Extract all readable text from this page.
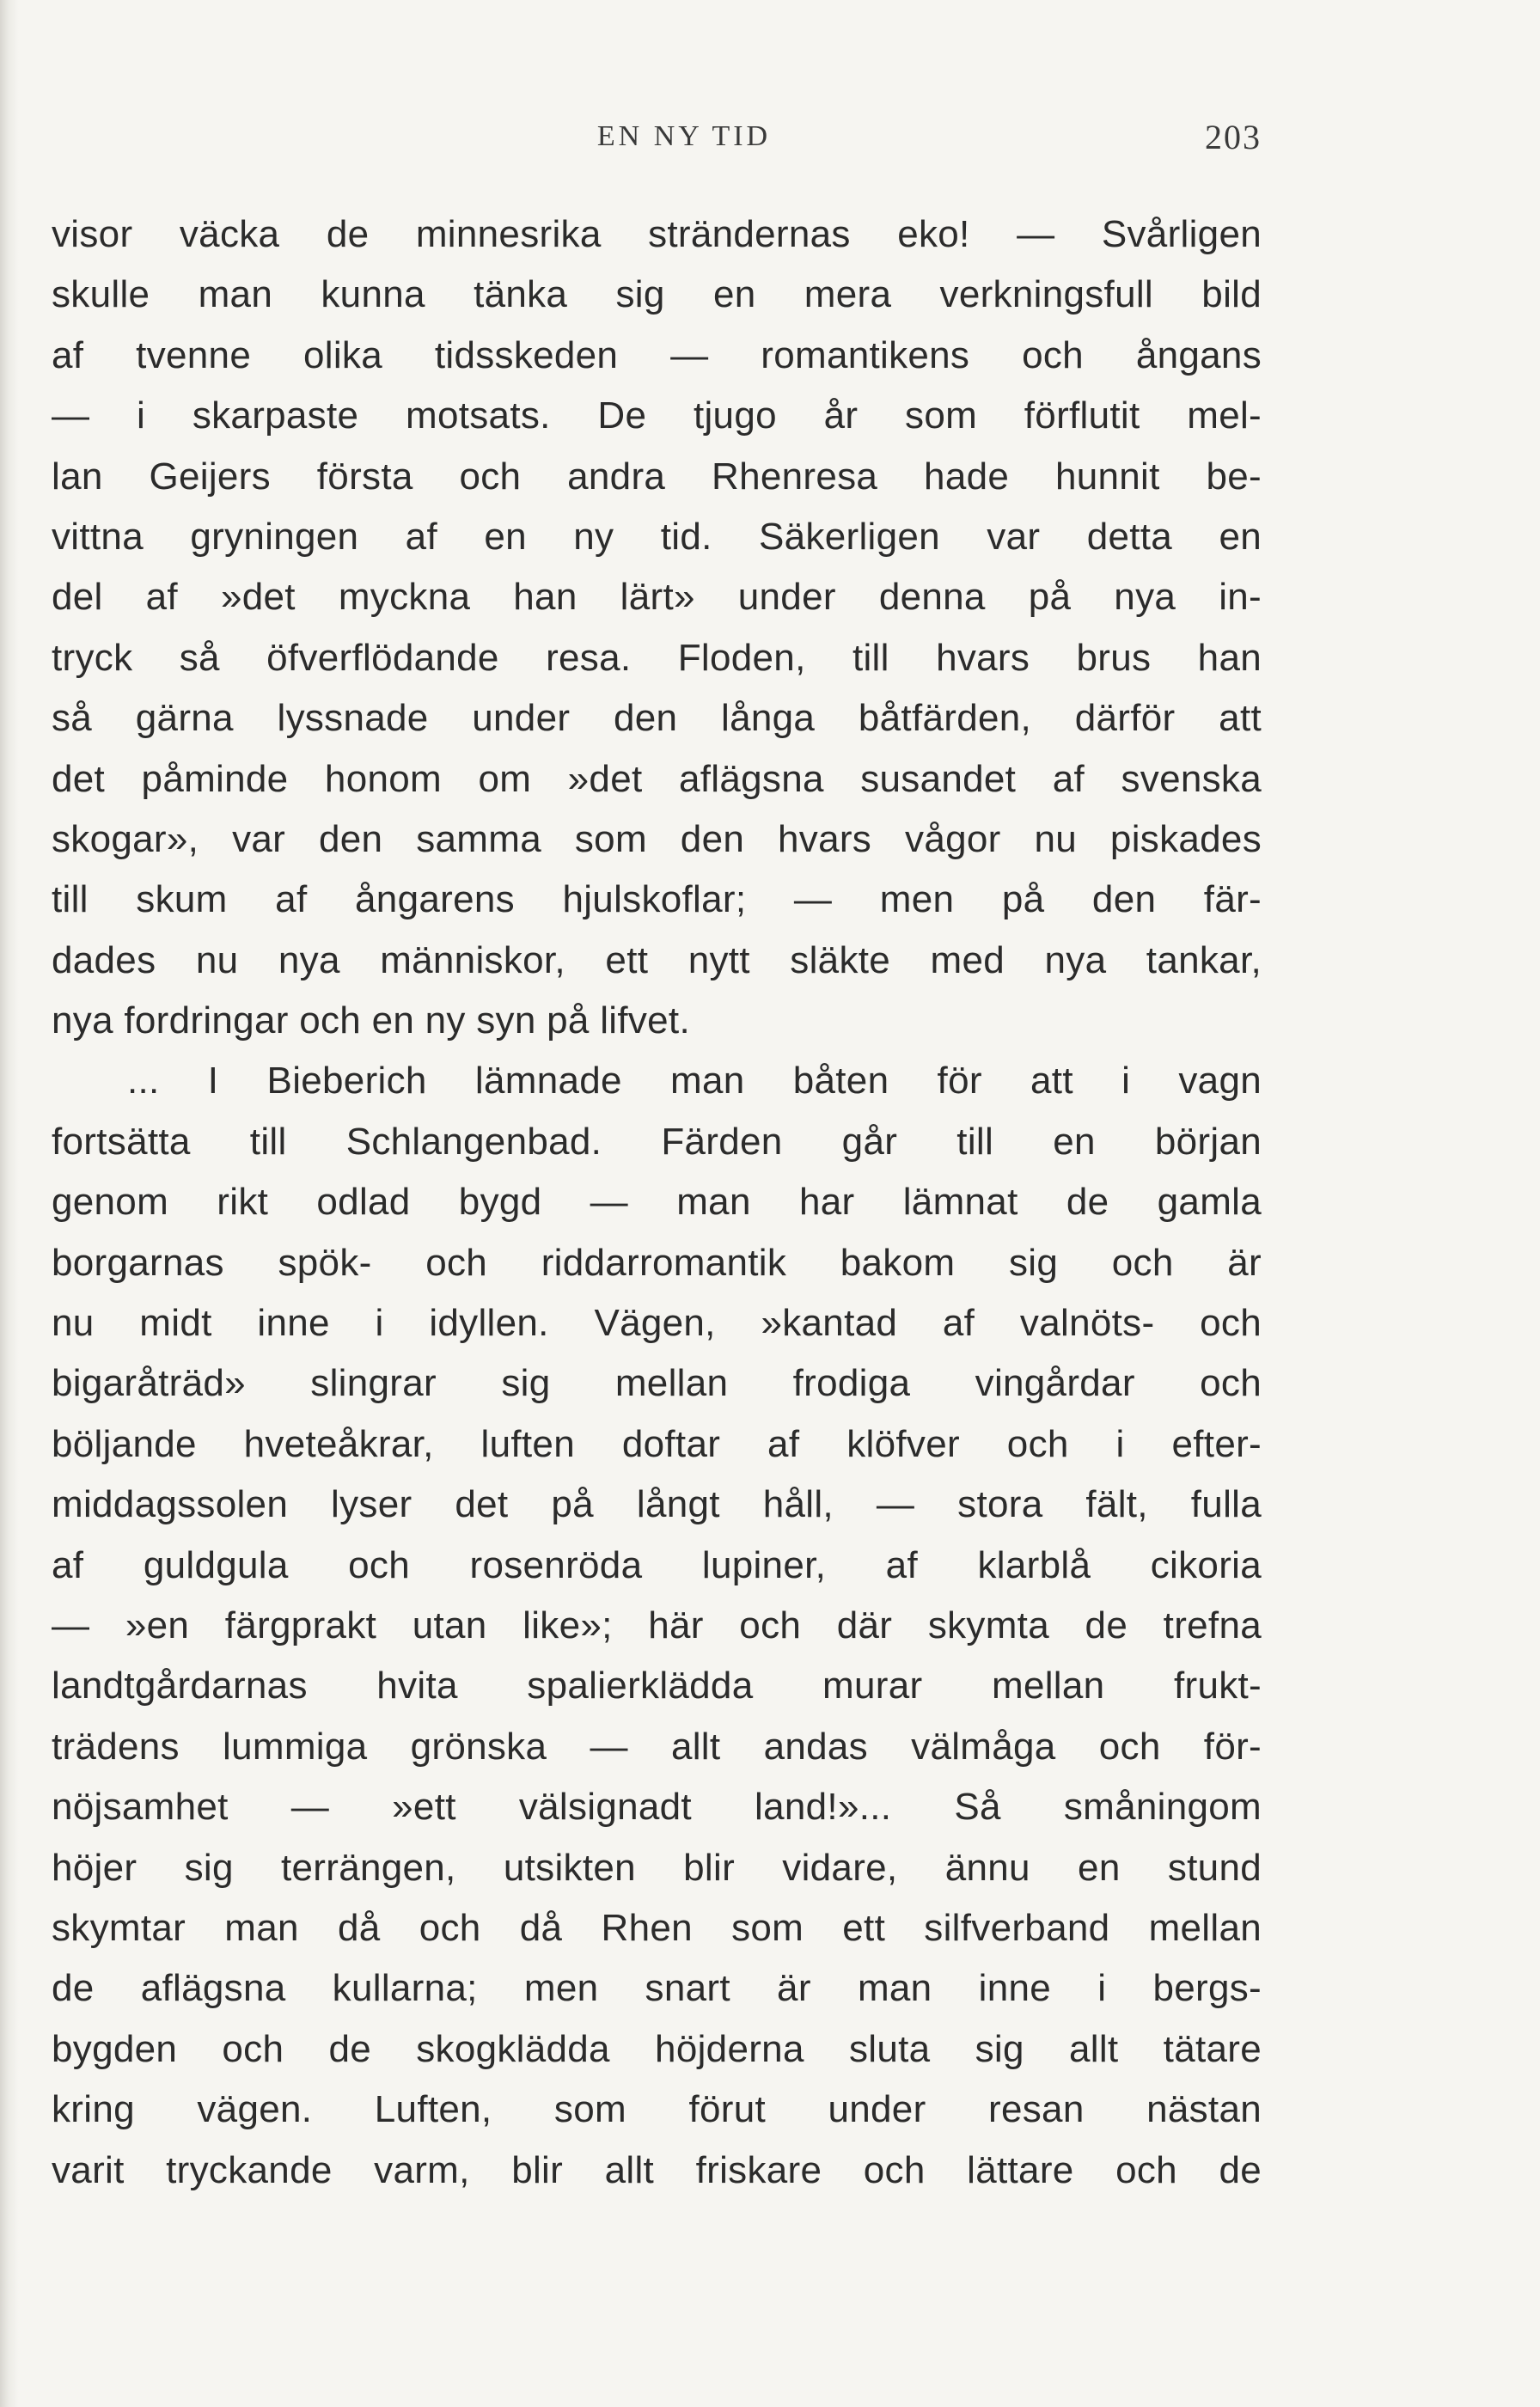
EN NY TID	203
visor väcka de minnesrika strändernas eko! — Svårligen
skulle man kunna tänka sig en mera verkningsfull bild
af tvenne olika tidsskeden — romantikens och ångans
— i skarpaste motsats. De tjugo år som förflutit mel-
lan Geijers första och andra Rhenresa hade hunnit be-
vittna gryningen af en ny tid. Säkerligen var detta en
del af »det myckna han lärt» under denna på nya in-
tryck så öfverflödande resa. Floden, till hvars brus han
så gärna lyssnade under den långa båtfärden, därför att
det påminde honom om »det aflägsna susandet af svenska
skogar», var den samma som den hvars vågor nu piskades
till skum af ångarens hjulskoflar; — men på den fär-
dades nu nya människor, ett nytt släkte med nya tankar,
nya fordringar och en ny syn på lifvet.
... I Bieberich lämnade man båten för att i vagn
fortsätta till Schlangenbad. Färden går till en början
genom rikt odlad bygd — man har lämnat de gamla
borgarnas spök- och riddarromantik bakom sig och är
nu midt inne i idyllen. Vägen, »kantad af valnöts- och
bigaråträd» slingrar sig mellan frodiga vingårdar och
böljande hveteåkrar, luften doftar af klöfver och i efter-
middagssolen lyser det på långt håll, — stora fält, fulla
af guldgula och rosenröda lupiner, af klarblå cikoria
— »en färgprakt utan like»; här och där skymta de trefna
landtgårdarnas hvita spalierklädda murar mellan frukt-
trädens lummiga grönska — allt andas välmåga och för-
nöjsamhet — »ett välsignadt land!»... Så småningom
höjer sig terrängen, utsikten blir vidare, ännu en stund
skymtar man då och då Rhen som ett silfverband mellan
de aflägsna kullarna; men snart är man inne i bergs-
bygden och de skogklädda höjderna sluta sig allt tätare
kring vägen. Luften, som förut under resan nästan
varit tryckande varm, blir allt friskare och lättare och de
